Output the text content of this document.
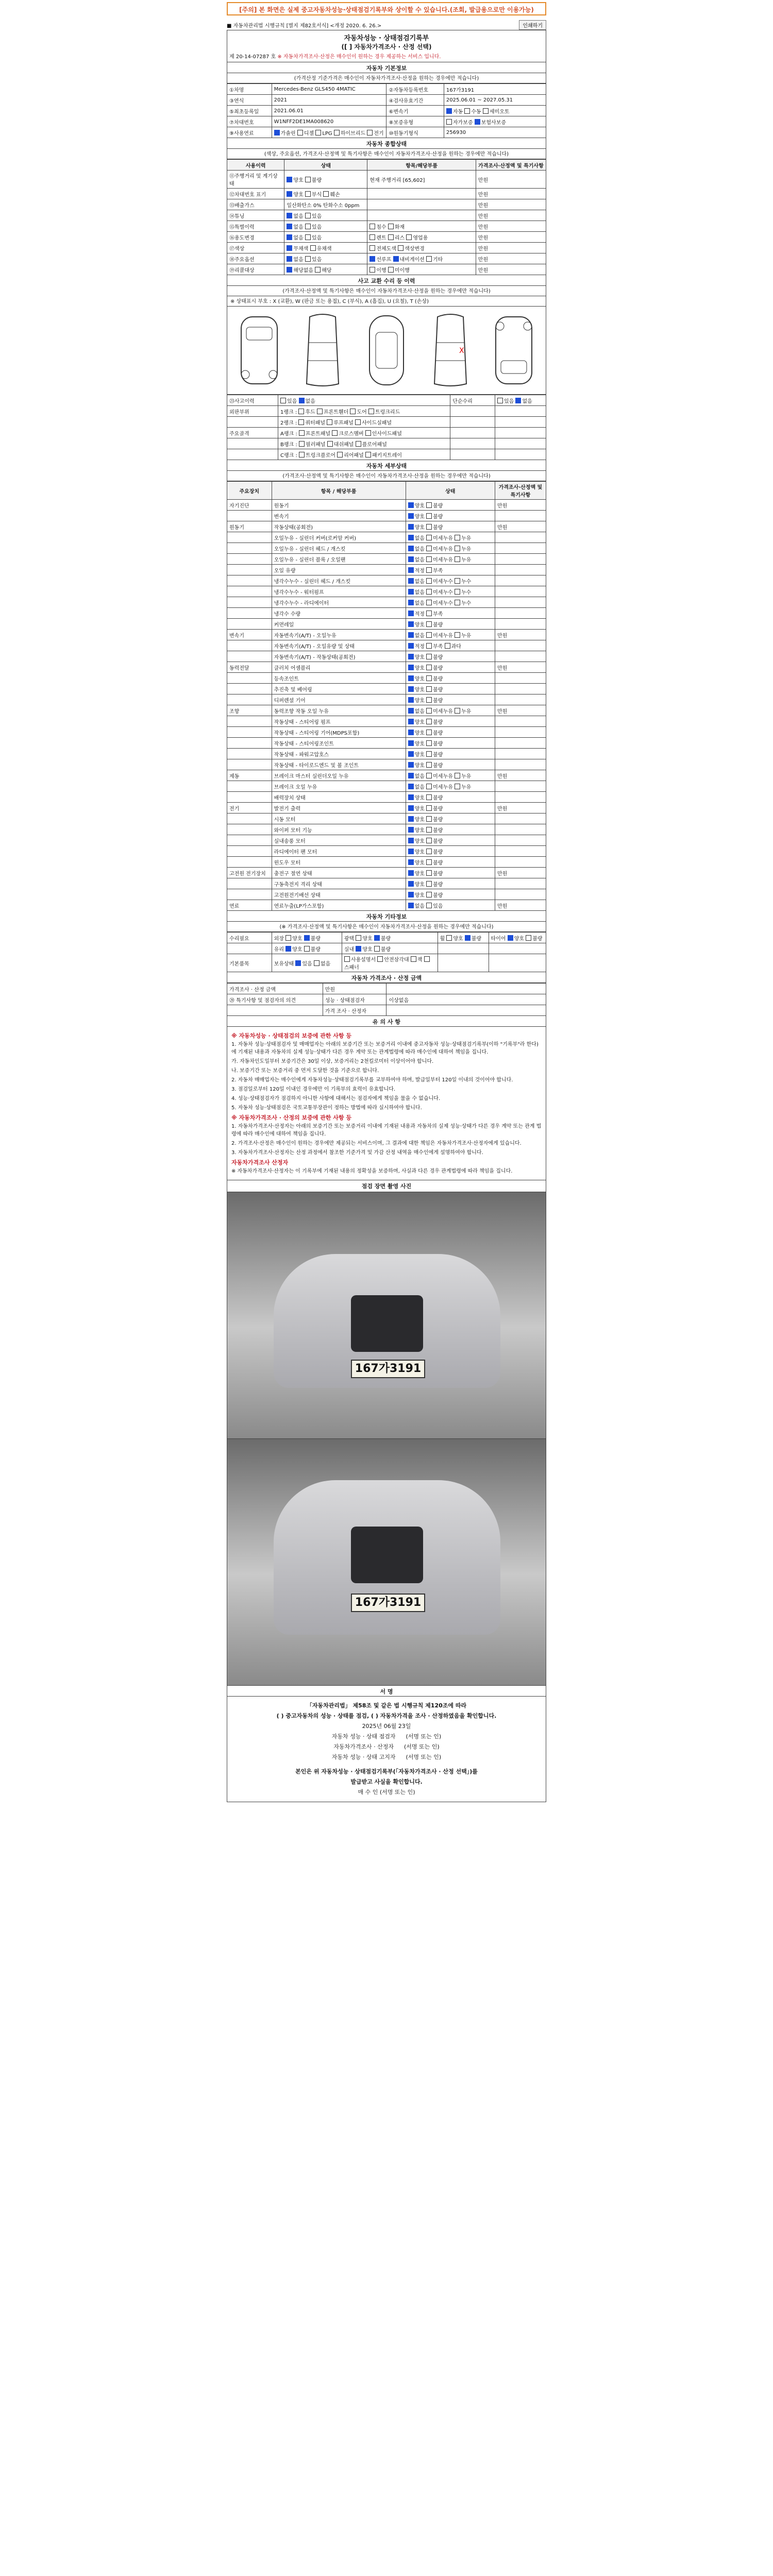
[주의] 본 화면은 실제 중고자동차성능·상태점검기록부와 상이할 수 있습니다.(조회, 발급용으로만 이용가능)
■ 자동차관리법 시행규칙 [별지 제82호서식] <개정 2020. 6. 26.>	인쇄하기
자동차성능 · 상태점검기록부
([ ] 자동차가격조사 · 산정 선택)
제 20-14-07287 호 ※ 자동차가격조사·산정은 매수인이 원하는 경우 제공하는 서비스 입니다.
자동차 기본정보
(가격산정 기준가격은 매수인이 자동차가격조사·산정을 원하는 경우에만 적습니다)
①차명	Mercedes-Benz GLS450 4MATIC	②자동차등록번호	167가3191
③연식	2021	④검사유효기간	2025.06.01 ~ 2027.05.31
⑤최초등록일	2021.06.01	⑥변속기	자동 수동 세미오토
⑦차대번호	W1NFF2DE1MA008620	⑧보증유형	자가보증 보험사보증
⑨사용연료	가솔린 디젤 LPG 하이브리드 전기	⑩원동기형식	256930
자동차 종합상태
(색상, 주요옵션, 가격조사·산정액 및 특기사항은 매수인이 자동차가격조사·산정을 원하는 경우에만 적습니다)
사용이력	상태	항목/해당부품	가격조사·산정액 및 특기사항
⑪주행거리 및 계기상태	양호 불량	현재 주행거리 [65,602]	만원
⑫차대번호 표기	양호 부식 훼손		만원
⑬배출가스	일산화탄소 0% 탄화수소 0ppm		만원
⑭튜닝	없음 있음		만원
⑮특별이력	없음 있음	침수 화재	만원
⑯용도변경	없음 있음	렌트 리스 영업용	만원
⑰색상	무채색 유채색	전체도색 색상변경	만원
⑱주요옵션	없음 있음	선루프 내비게이션 기타	만원
⑲리콜대상	해당없음 해당	이행 미이행	만원
사고 교환 수리 등 이력
(가격조사·산정액 및 특기사항은 매수인이 자동차가격조사·산정을 원하는 경우에만 적습니다)
※ 상태표시 부호 : X (교환), W (판금 또는 용접), C (부식), A (흠집), U (요철), T (손상)
X
㉓사고이력	있음 없음	단순수리	있음 없음
외판부위	1랭크 : 후드 프론트휀더 도어 트렁크리드		
	2랭크 : 쿼터패널 루프패널 사이드실패널		
주요골격	A랭크 : 프론트패널 크로스멤버 인사이드패널		
	B랭크 : 필러패널 대쉬패널 플로어패널		
	C랭크 : 트렁크플로어 리어패널 패키지트레이		
자동차 세부상태
(가격조사·산정액 및 특기사항은 매수인이 자동차가격조사·산정을 원하는 경우에만 적습니다)
주요장치	항목 / 해당부품	상태	가격조사·산정액 및 특기사항
자기진단	원동기	양호 불량	만원
	변속기	양호 불량	
원동기	작동상태(공회전)	양호 불량	만원
	오일누유 - 실린더 커버(로커암 커버)	없음 미세누유 누유	
	오일누유 - 실린더 헤드 / 개스킷	없음 미세누유 누유	
	오일누유 - 실린더 블록 / 오일팬	없음 미세누유 누유	
	오일 유량	적정 부족	
	냉각수누수 - 실린더 헤드 / 개스킷	없음 미세누수 누수	
	냉각수누수 - 워터펌프	없음 미세누수 누수	
	냉각수누수 - 라디에이터	없음 미세누수 누수	
	냉각수 수량	적정 부족	
	커먼레일	양호 불량	
변속기	자동변속기(A/T) - 오일누유	없음 미세누유 누유	만원
	자동변속기(A/T) - 오일유량 및 상태	적정 부족 과다	
	자동변속기(A/T) - 작동상태(공회전)	양호 불량	
동력전달	클러치 어셈블리	양호 불량	만원
	등속조인트	양호 불량	
	추진축 및 베어링	양호 불량	
	디퍼렌셜 기어	양호 불량	
조향	동력조향 작동 오일 누유	없음 미세누유 누유	만원
	작동상태 - 스티어링 펌프	양호 불량	
	작동상태 - 스티어링 기어(MDPS포함)	양호 불량	
	작동상태 - 스티어링조인트	양호 불량	
	작동상태 - 파워고압호스	양호 불량	
	작동상태 - 타이로드엔드 및 볼 조인트	양호 불량	
제동	브레이크 마스터 실린더오일 누유	없음 미세누유 누유	만원
	브레이크 오일 누유	없음 미세누유 누유	
	배력장치 상태	양호 불량	
전기	발전기 출력	양호 불량	만원
	시동 모터	양호 불량	
	와이퍼 모터 기능	양호 불량	
	실내송풍 모터	양호 불량	
	라디에이터 팬 모터	양호 불량	
	윈도우 모터	양호 불량	
고전원 전기장치	충전구 절연 상태	양호 불량	만원
	구동축전지 격리 상태	양호 불량	
	고전원전기배선 상태	양호 불량	
연료	연료누출(LP가스포함)	없음 있음	만원
자동차 기타정보
(※ 가격조사·산정액 및 특기사항은 매수인이 자동차가격조사·산정을 원하는 경우에만 적습니다)
수리필요	외장 양호 불량	광택 양호 불량	휠 양호 불량	타이어 양호 불량
	유리 양호 불량	실내 양호 불량		
기본품목	보유상태 있음 없음	사용설명서 안전삼각대 잭 스패너		
자동차 가격조사 · 산정 금액
가격조사 · 산정 금액	만원	
⑳ 특기사항 및 점검자의 의견	성능 · 상태점검자	이상없음
	가격 조사 · 산정자	
유 의 사 항
※ 자동차성능 · 상태점검의 보증에 관한 사항 등

1. 자동차 성능·상태점검자 및 매매업자는 아래의 보증기간 또는 보증거리 이내에 중고자동차 성능·상태점검기록부(이하 "기록부"라 한다)에 기재된 내용과 자동차의 실제 성능·상태가 다른 경우 계약 또는 관계법령에 따라 매수인에 대하여 책임을 집니다.

가. 자동차인도일부터 보증기간은 30일 이상, 보증거리는 2천킬로미터 이상이어야 합니다.

나. 보증기간 또는 보증거리 중 먼저 도달한 것을 기준으로 합니다.

2. 자동차 매매업자는 매수인에게 자동차성능·상태점검기록부를 교부하여야 하며, 발급일부터 120일 이내의 것이어야 합니다.

3. 점검일로부터 120일 이내인 경우에만 이 기록부의 효력이 유효합니다.

4. 성능·상태점검자가 점검하지 아니한 사항에 대해서는 점검자에게 책임을 물을 수 없습니다.

5. 자동차 성능·상태점검은 국토교통부장관이 정하는 방법에 따라 실시하여야 합니다.

※ 자동차가격조사 · 산정의 보증에 관한 사항 등

1. 자동차가격조사·산정자는 아래의 보증기간 또는 보증거리 이내에 기재된 내용과 자동차의 실제 성능·상태가 다른 경우 계약 또는 관계 법령에 따라 매수인에 대하여 책임을 집니다.

2. 가격조사·산정은 매수인이 원하는 경우에만 제공되는 서비스이며, 그 결과에 대한 책임은 자동차가격조사·산정자에게 있습니다.

3. 자동차가격조사·산정자는 산정 과정에서 참조한 기준가격 및 가감 산정 내역을 매수인에게 설명하여야 합니다.

자동차가격조사 산정자

※ 자동차가격조사·산정자는 이 기록부에 기재된 내용의 정확성을 보증하며, 사실과 다른 경우 관계법령에 따라 책임을 집니다.

점검 장면 촬영 사진
167가3191
167가3191
서 명
「자동차관리법」 제58조 및 같은 법 시행규칙 제120조에 따라
( ) 중고자동차의 성능 · 상태를 점검, ( ) 자동차가격을 조사 · 산정하였음을 확인합니다.
2025년 06월 23일
자동차 성능 · 상태 점검자 (서명 또는 인)
자동차가격조사 · 산정자 (서명 또는 인)
자동차 성능 · 상태 고지자 (서명 또는 인)
본인은 위 자동차성능 · 상태점검기록부(「자동차가격조사 · 산정 선택」)를
발급받고 사실을 확인합니다.
매 수 인 (서명 또는 인)
